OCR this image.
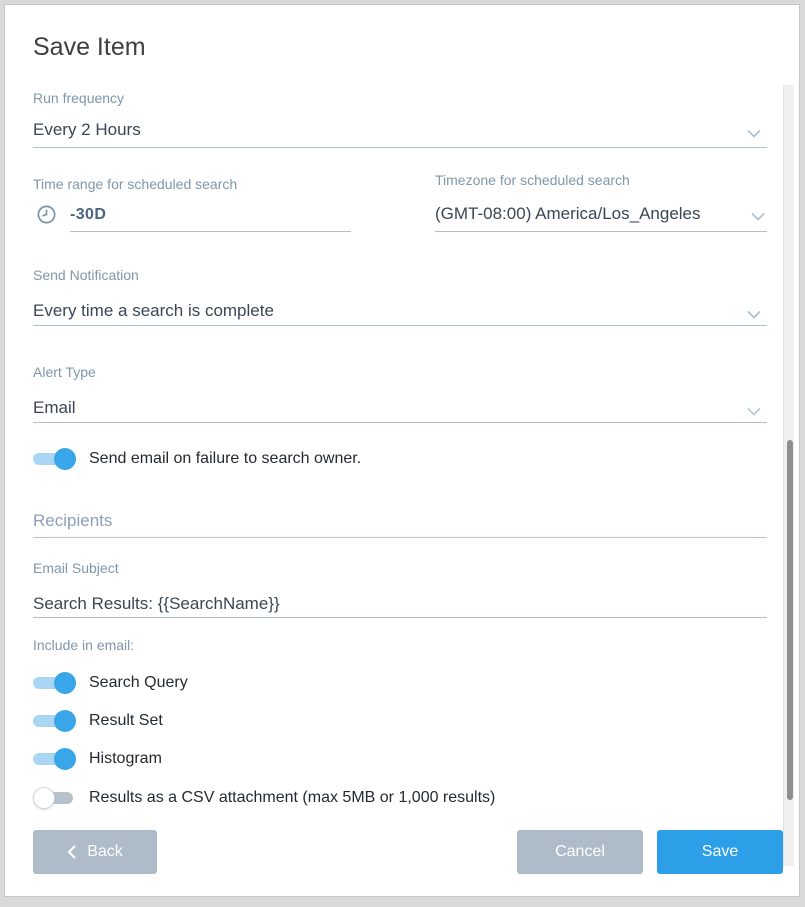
Save Item
Run frequency
Every 2 Hours
Time range for scheduled search
-30D
Timezone for scheduled search
(GMT-08:00) America/Los_Angeles
Send Notification
Every time a search is complete
Alert Type
Email
Send email on failure to search owner.
Recipients
Email Subject
Search Results: {{SearchName}}
Include in email:
Search Query
Result Set
Histogram
Results as a CSV attachment (max 5MB or 1,000 results)
Back	Cancel	Save
